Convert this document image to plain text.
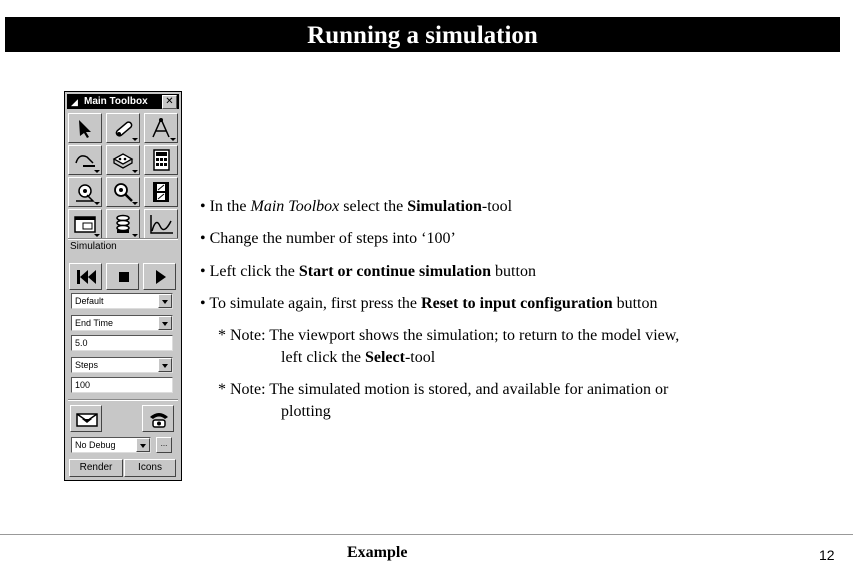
Running a simulation
◢ Main Toolbox	✕
Simulation
Default
End Time
5.0
Steps
100
No Debug	...
Render	Icons
• In the Main Toolbox select the Simulation-tool
• Change the number of steps into ‘100’
• Left click the Start or continue simulation button
• To simulate again, first press the Reset to input configuration button
* Note: The viewport shows the simulation; to return to the model view,
left click the Select-tool
* Note: The simulated motion is stored, and available for animation or
plotting
Example	12
